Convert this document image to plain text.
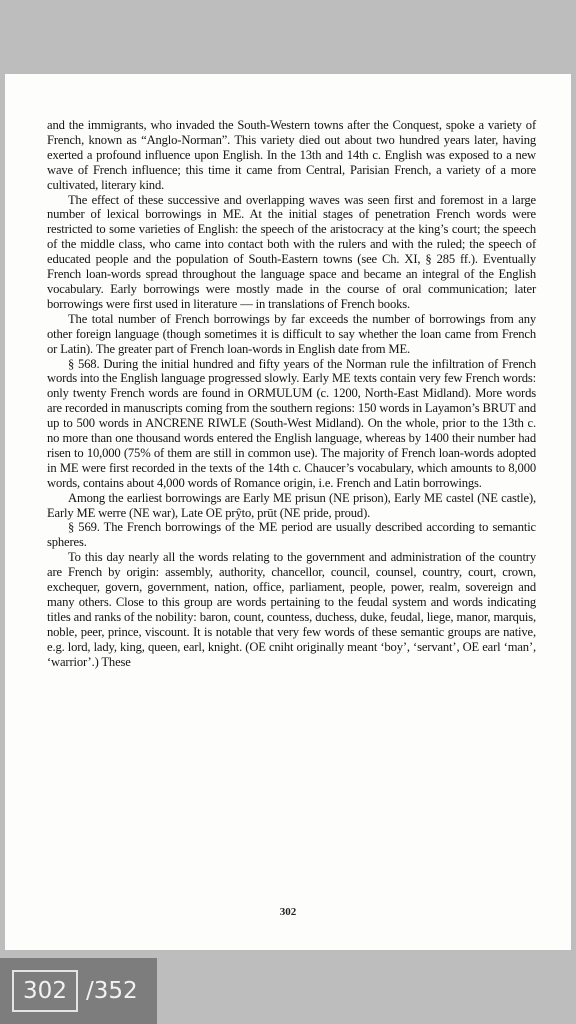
and the immigrants, who invaded the South-Western towns after the Conquest, spoke a variety of French, known as “Anglo-Norman”. This variety died out about two hundred years later, having exerted a profound influence upon English. In the 13th and 14th c. English was exposed to a new wave of French influence; this time it came from Central, Parisian French, a variety of a more cultivated, literary kind.

The effect of these successive and overlapping waves was seen first and foremost in a large number of lexical borrowings in ME. At the initial stages of penetration French words were restricted to some varieties of English: the speech of the aristocracy at the king’s court; the speech of the middle class, who came into contact both with the rulers and with the ruled; the speech of educated people and the population of South-Eastern towns (see Ch. XI, § 285 ff.). Eventually French loan-words spread throughout the language space and became an integral of the English vocabulary. Early borrowings were mostly made in the course of oral communication; later borrowings were first used in literature — in translations of French books.

The total number of French borrowings by far exceeds the number of borrowings from any other foreign language (though sometimes it is difficult to say whether the loan came from French or Latin). The greater part of French loan-words in English date from ME.

§ 568. During the initial hundred and fifty years of the Norman rule the infiltration of French words into the English language progressed slowly. Early ME texts contain very few French words: only twenty French words are found in ORMULUM (c. 1200, North-East Midland). More words are recorded in manuscripts coming from the southern regions: 150 words in Layamon’s BRUT and up to 500 words in ANCRENE RIWLE (South-West Midland). On the whole, prior to the 13th c. no more than one thousand words entered the English language, whereas by 1400 their number had risen to 10,000 (75% of them are still in common use). The majority of French loan-words adopted in ME were first recorded in the texts of the 14th c. Chaucer’s vocabulary, which amounts to 8,000 words, contains about 4,000 words of Romance origin, i.e. French and Latin borrowings.

Among the earliest borrowings are Early ME prisun (NE prison), Early ME castel (NE castle), Early ME werre (NE war), Late OE prŷto, prūt (NE pride, proud).

§ 569. The French borrowings of the ME period are usually described according to semantic spheres.

To this day nearly all the words relating to the government and administration of the country are French by origin: assembly, authority, chancellor, council, counsel, country, court, crown, exchequer, govern, government, nation, office, parliament, people, power, realm, sovereign and many others. Close to this group are words pertaining to the feudal system and words indicating titles and ranks of the nobility: baron, count, countess, duchess, duke, feudal, liege, manor, marquis, noble, peer, prince, viscount. It is notable that very few words of these semantic groups are native, e.g. lord, lady, king, queen, earl, knight. (OE cniht originally meant ‘boy’, ‘servant’, OE earl ‘man’, ‘warrior’.) These

302
302 /352
